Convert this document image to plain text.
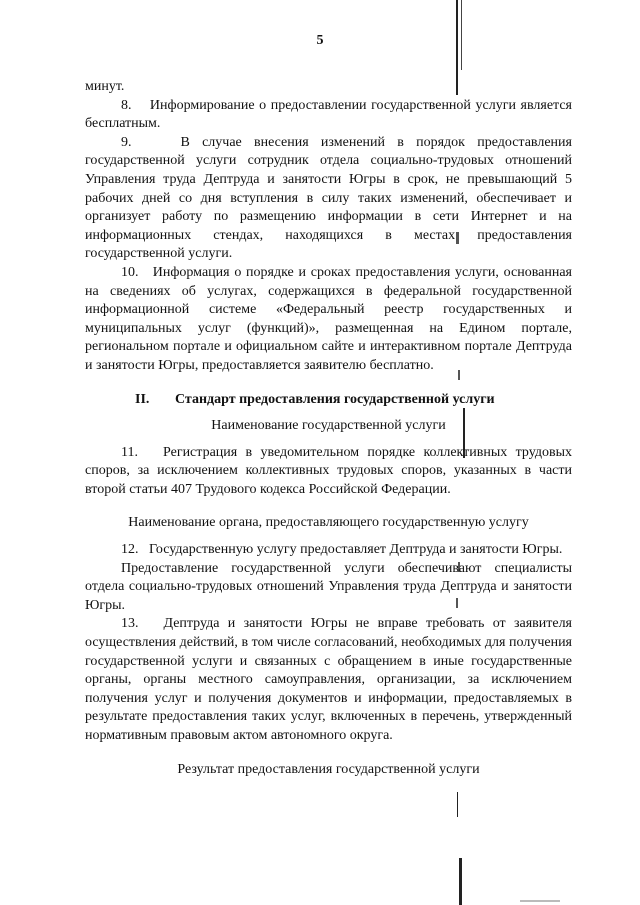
5

минут.

8.    Информирование о предоставлении государственной услуги является бесплатным.

9.    В случае внесения изменений в порядок предоставления государственной услуги сотрудник отдела социально-трудовых отношений Управления труда Дептруда и занятости Югры в срок, не превышающий 5 рабочих дней со дня вступления в силу таких изменений, обеспечивает и организует работу по размещению информации в сети Интернет и на информационных стендах, находящихся в местах предоставления государственной услуги.

10.   Информация о порядке и сроках предоставления услуги, основанная на сведениях об услугах, содержащихся в федеральной государственной информационной системе «Федеральный реестр государственных и муниципальных услуг (функций)», размещенная на Едином портале, региональном портале и официальном сайте и интерактивном портале Дептруда и занятости Югры, предоставляется заявителю бесплатно.

II. Стандарт предоставления государственной услуги

Наименование государственной услуги

11.   Регистрация в уведомительном порядке коллективных трудовых споров, за исключением коллективных трудовых споров, указанных в части второй статьи 407 Трудового кодекса Российской Федерации.

Наименование органа, предоставляющего государственную услугу

12.   Государственную услугу предоставляет Дептруда и занятости Югры.

Предоставление государственной услуги обеспечивают специалисты отдела социально-трудовых отношений Управления труда Дептруда и занятости Югры.

13.   Дептруда и занятости Югры не вправе требовать от заявителя осуществления действий, в том числе согласований, необходимых для получения государственной услуги и связанных с обращением в иные государственные органы, органы местного самоуправления, организации, за исключением получения услуг и получения документов и информации, предоставляемых в результате предоставления таких услуг, включенных в перечень, утвержденный нормативным правовым актом автономного округа.

Результат предоставления государственной услуги
